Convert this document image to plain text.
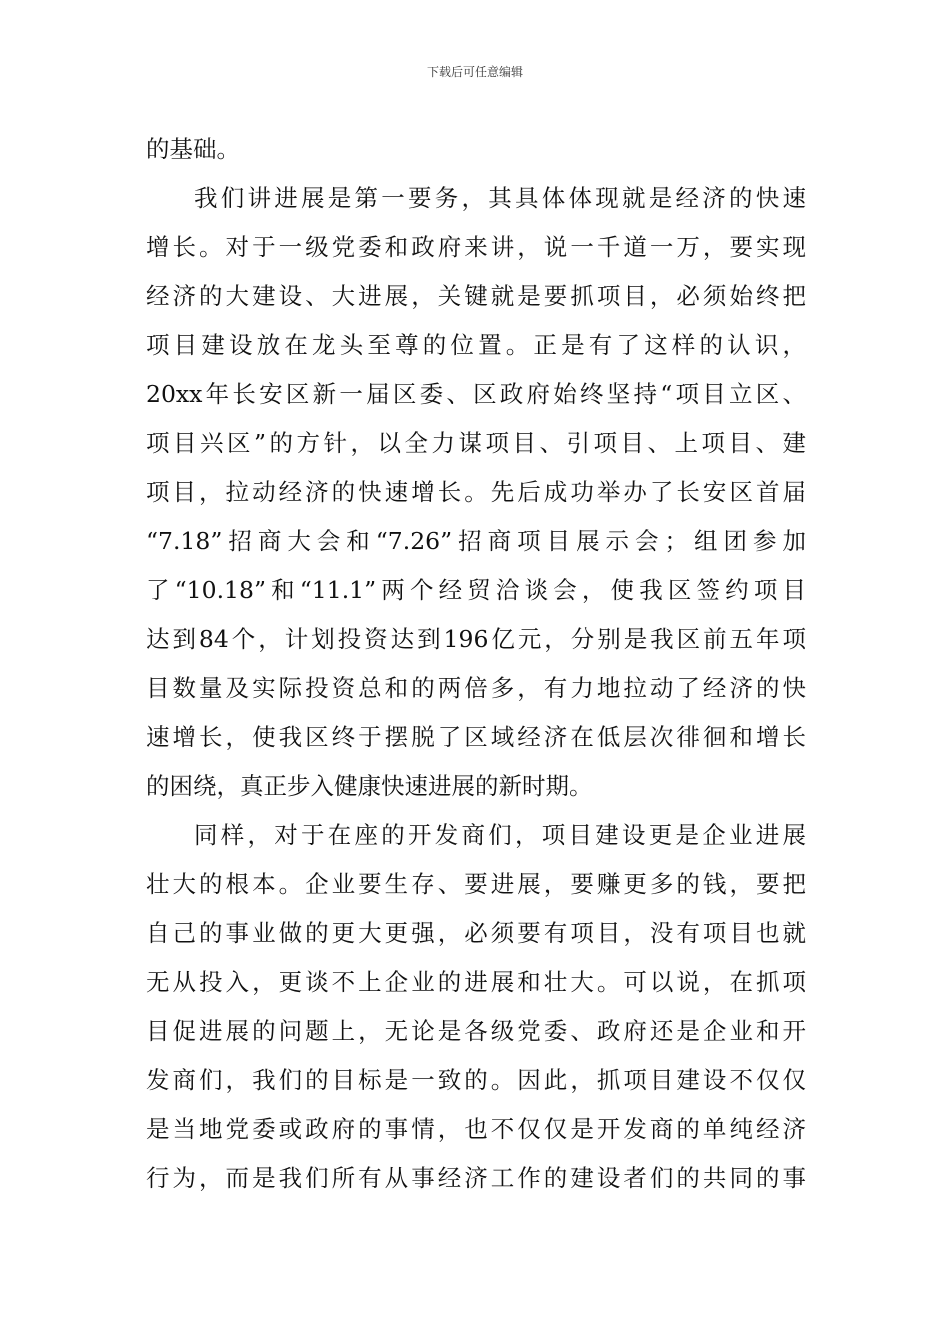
下载后可任意编辑
的基础。
我们讲进展是第一要务，其具体体现就是经济的快速
增长。对于一级党委和政府来讲，说一千道一万，要实现
经济的大建设、大进展，关键就是要抓项目，必须始终把
项目建设放在龙头至尊的位置。正是有了这样的认识，
20xx年长安区新一届区委、区政府始终坚持“项目立区、
项目兴区”的方针，以全力谋项目、引项目、上项目、建
项目，拉动经济的快速增长。先后成功举办了长安区首届
“7.18”招商大会和“7.26”招商项目展示会；组团参加
了“10.18”和“11.1”两个经贸洽谈会，使我区签约项目
达到84个，计划投资达到196亿元，分别是我区前五年项
目数量及实际投资总和的两倍多，有力地拉动了经济的快
速增长，使我区终于摆脱了区域经济在低层次徘徊和增长
的困绕，真正步入健康快速进展的新时期。
同样，对于在座的开发商们，项目建设更是企业进展
壮大的根本。企业要生存、要进展，要赚更多的钱，要把
自己的事业做的更大更强，必须要有项目，没有项目也就
无从投入，更谈不上企业的进展和壮大。可以说，在抓项
目促进展的问题上，无论是各级党委、政府还是企业和开
发商们，我们的目标是一致的。因此，抓项目建设不仅仅
是当地党委或政府的事情，也不仅仅是开发商的单纯经济
行为，而是我们所有从事经济工作的建设者们的共同的事
